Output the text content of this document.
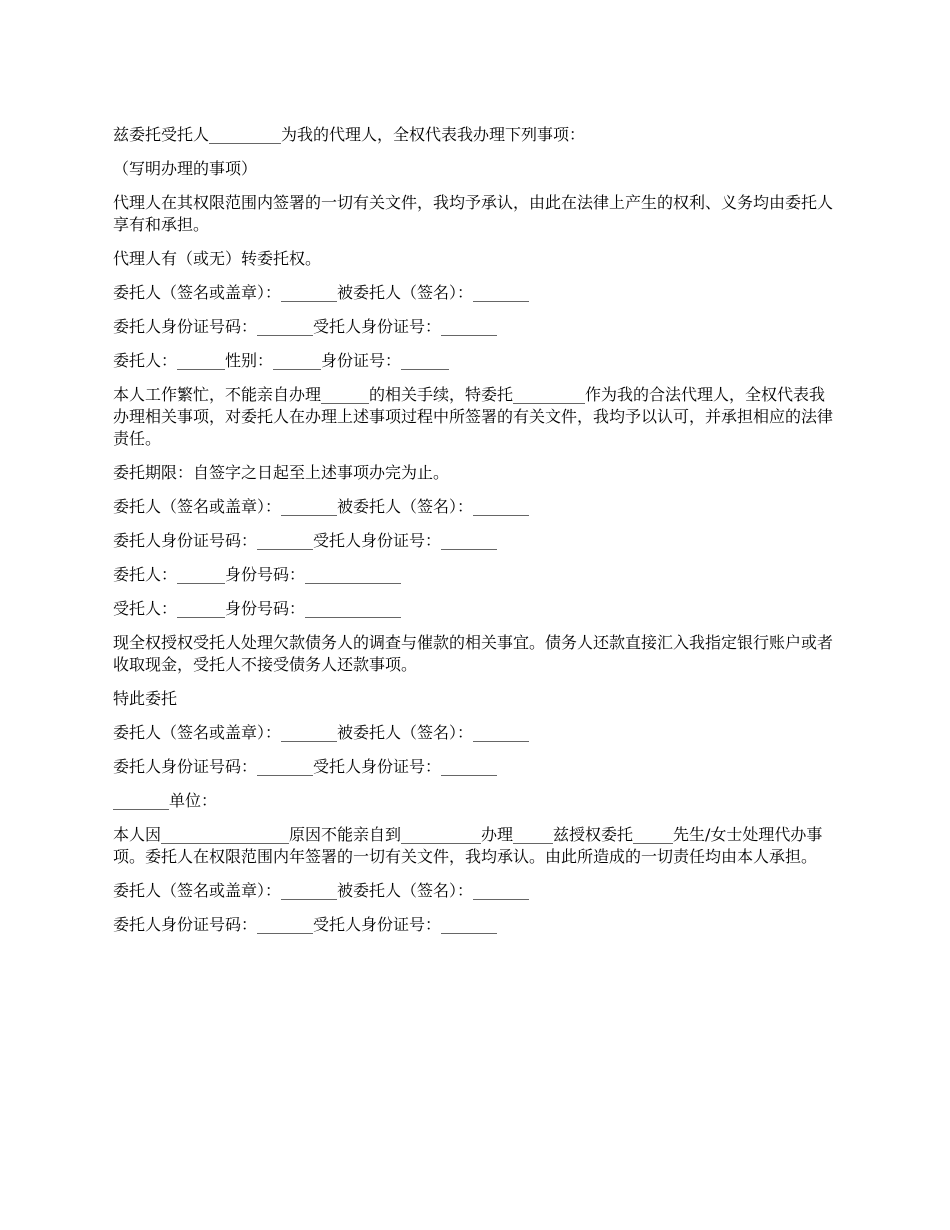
兹委托受托人_________为我的代理人，全权代表我办理下列事项：

（写明办理的事项）

代理人在其权限范围内签署的一切有关文件，我均予承认，由此在法律上产生的权利、义务均由委托人享有和承担。

代理人有（或无）转委托权。

委托人（签名或盖章）：_______被委托人（签名）：_______

委托人身份证号码：_______受托人身份证号：_______

委托人：______性别：______身份证号：______

本人工作繁忙，不能亲自办理______的相关手续，特委托_________作为我的合法代理人，全权代表我办理相关事项，对委托人在办理上述事项过程中所签署的有关文件，我均予以认可，并承担相应的法律责任。

委托期限：自签字之日起至上述事项办完为止。

委托人（签名或盖章）：_______被委托人（签名）：_______

委托人身份证号码：_______受托人身份证号：_______

委托人：______身份号码：____________

受托人：______身份号码：____________

现全权授权受托人处理欠款债务人的调查与催款的相关事宜。债务人还款直接汇入我指定银行账户或者收取现金，受托人不接受债务人还款事项。

特此委托

委托人（签名或盖章）：_______被委托人（签名）：_______

委托人身份证号码：_______受托人身份证号：_______

_______单位：

本人因________________原因不能亲自到__________办理_____兹授权委托_____先生/女士处理代办事项。委托人在权限范围内年签署的一切有关文件，我均承认。由此所造成的一切责任均由本人承担。

委托人（签名或盖章）：_______被委托人（签名）：_______

委托人身份证号码：_______受托人身份证号：_______
